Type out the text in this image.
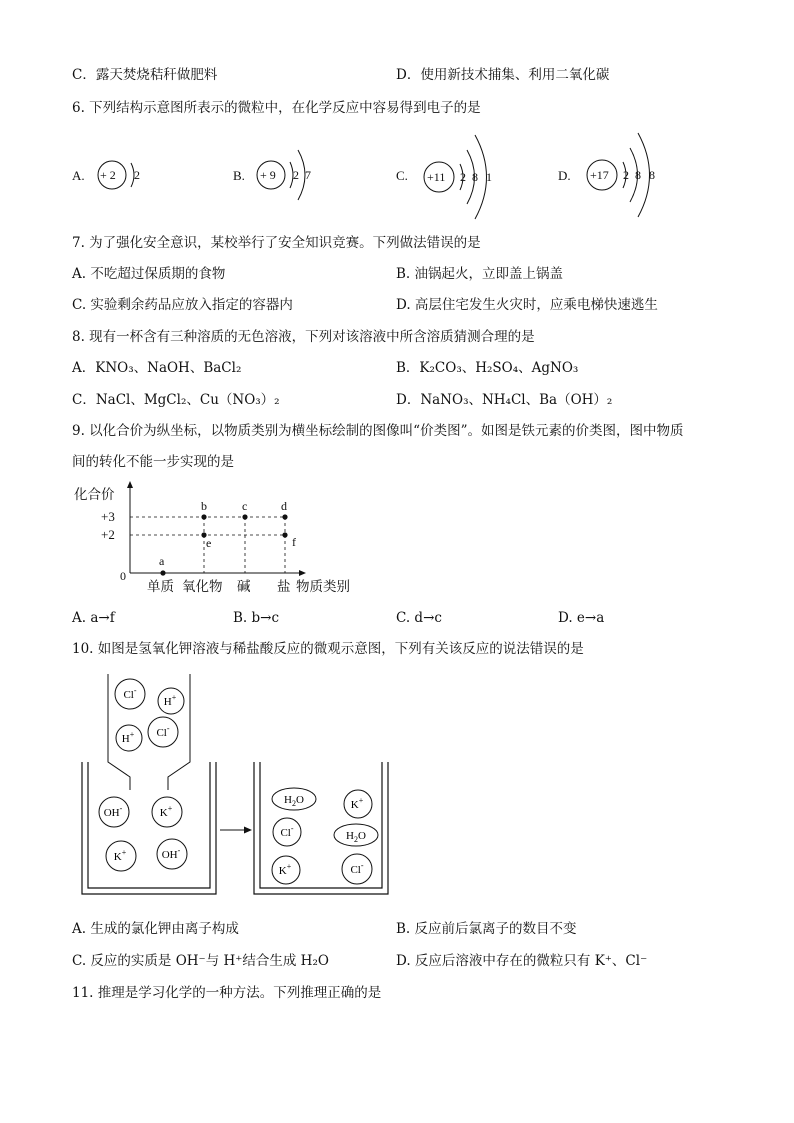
C．露天焚烧秸秆做肥料	D．使用新技术捕集、利用二氧化碳
6. 下列结构示意图所表示的微粒中，在化学反应中容易得到电子的是
A. + 2 2	B. + 9 2 7	C. +11 2 8 1	D. +17 2 8 8
7. 为了强化安全意识，某校举行了安全知识竞赛。下列做法错误的是
A. 不吃超过保质期的食物	B. 油锅起火，立即盖上锅盖
C. 实验剩余药品应放入指定的容器内	D. 高层住宅发生火灾时，应乘电梯快速逃生
8. 现有一杯含有三种溶质的无色溶液，下列对该溶液中所含溶质猜测合理的是
A．KNO₃、NaOH、BaCl₂	B．K₂CO₃、H₂SO₄、AgNO₃
C．NaCl、MgCl₂、Cu（NO₃）₂	D．NaNO₃、NH₄Cl、Ba（OH）₂
9. 以化合价为纵坐标，以物质类别为横坐标绘制的图像叫“价类图”。如图是铁元素的价类图，图中物质
间的转化不能一步实现的是
化合价
+3
+2
0
单质 氧化物 碱 盐 物质类别
a
b	c	d
e	f
A. a→f	B. b→c	C. d→c	D. e→a
10. 如图是氢氧化钾溶液与稀盐酸反应的微观示意图，下列有关该反应的说法错误的是
Cl-
H+
H+ Cl-
OH-	K+
K+	OH-
$H_2O$	K+
Cl-
$H_2O$
K+	Cl-
A. 生成的氯化钾由离子构成	B. 反应前后氯离子的数目不变
C. 反应的实质是 OH⁻与 H⁺结合生成 H₂O	D. 反应后溶液中存在的微粒只有 K⁺、Cl⁻
11. 推理是学习化学的一种方法。下列推理正确的是
